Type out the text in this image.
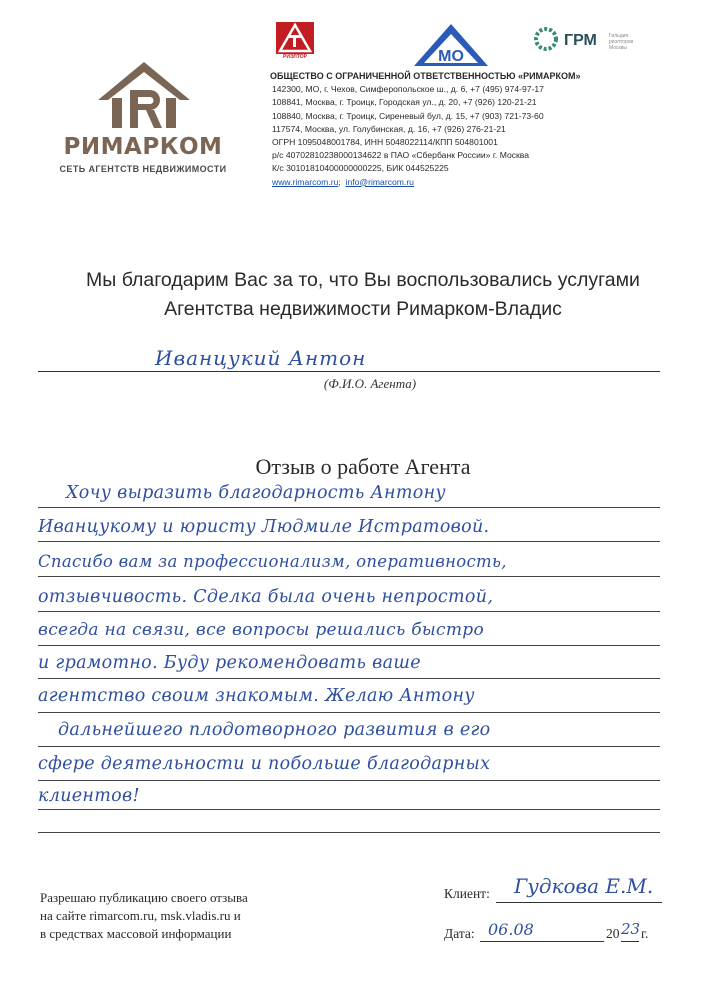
РИМАРКОМ
СЕТЬ АГЕНТСТВ НЕДВИЖИМОСТИ
РИЭЛТОР	МО
ГРМ Гильдия риэлторов Москвы
ОБЩЕСТВО С ОГРАНИЧЕННОЙ ОТВЕТСТВЕННОСТЬЮ «РИМАРКОМ»
142300, МО, г. Чехов, Симферопольское ш., д. 6, +7 (495) 974-97-17
108841, Москва, г. Троицк, Городская ул., д. 20, +7 (926) 120-21-21
108840, Москва, г. Троицк, Сиреневый бул, д. 15, +7 (903) 721-73-60
117574, Москва, ул. Голубинская, д. 16, +7 (926) 276-21-21
ОГРН 1095048001784, ИНН 5048022114/КПП 504801001
р/с 40702810238000134622 в ПАО «Сбербанк России» г. Москва
К/с 30101810400000000225, БИК 044525225
www.rimarcom.ru;  info@rimarcom.ru
Мы благодарим Вас за то, что Вы воспользовались услугами
Агентства недвижимости Римарком-Владис
Иванцукий Антон
(Ф.И.О. Агента)
Отзыв о работе Агента
Хочу выразить благодарность Антону
Иванцукому и юристу Людмиле Истратовой.
Спасибо вам за профессионализм, оперативность,
отзывчивость. Сделка была очень непростой,
всегда на связи, все вопросы решались быстро
и грамотно. Буду рекомендовать ваше
агентство своим знакомым. Желаю Антону
дальнейшего плодотворного развития в его
сфере деятельности и побольше благодарных
клиентов!
Разрешаю публикацию своего отзыва
на сайте rimarcom.ru, msk.vladis.ru и
в средствах массовой информации
Клиент: Гудкова Е.М.
Дата: 06.08	20 23 г.
